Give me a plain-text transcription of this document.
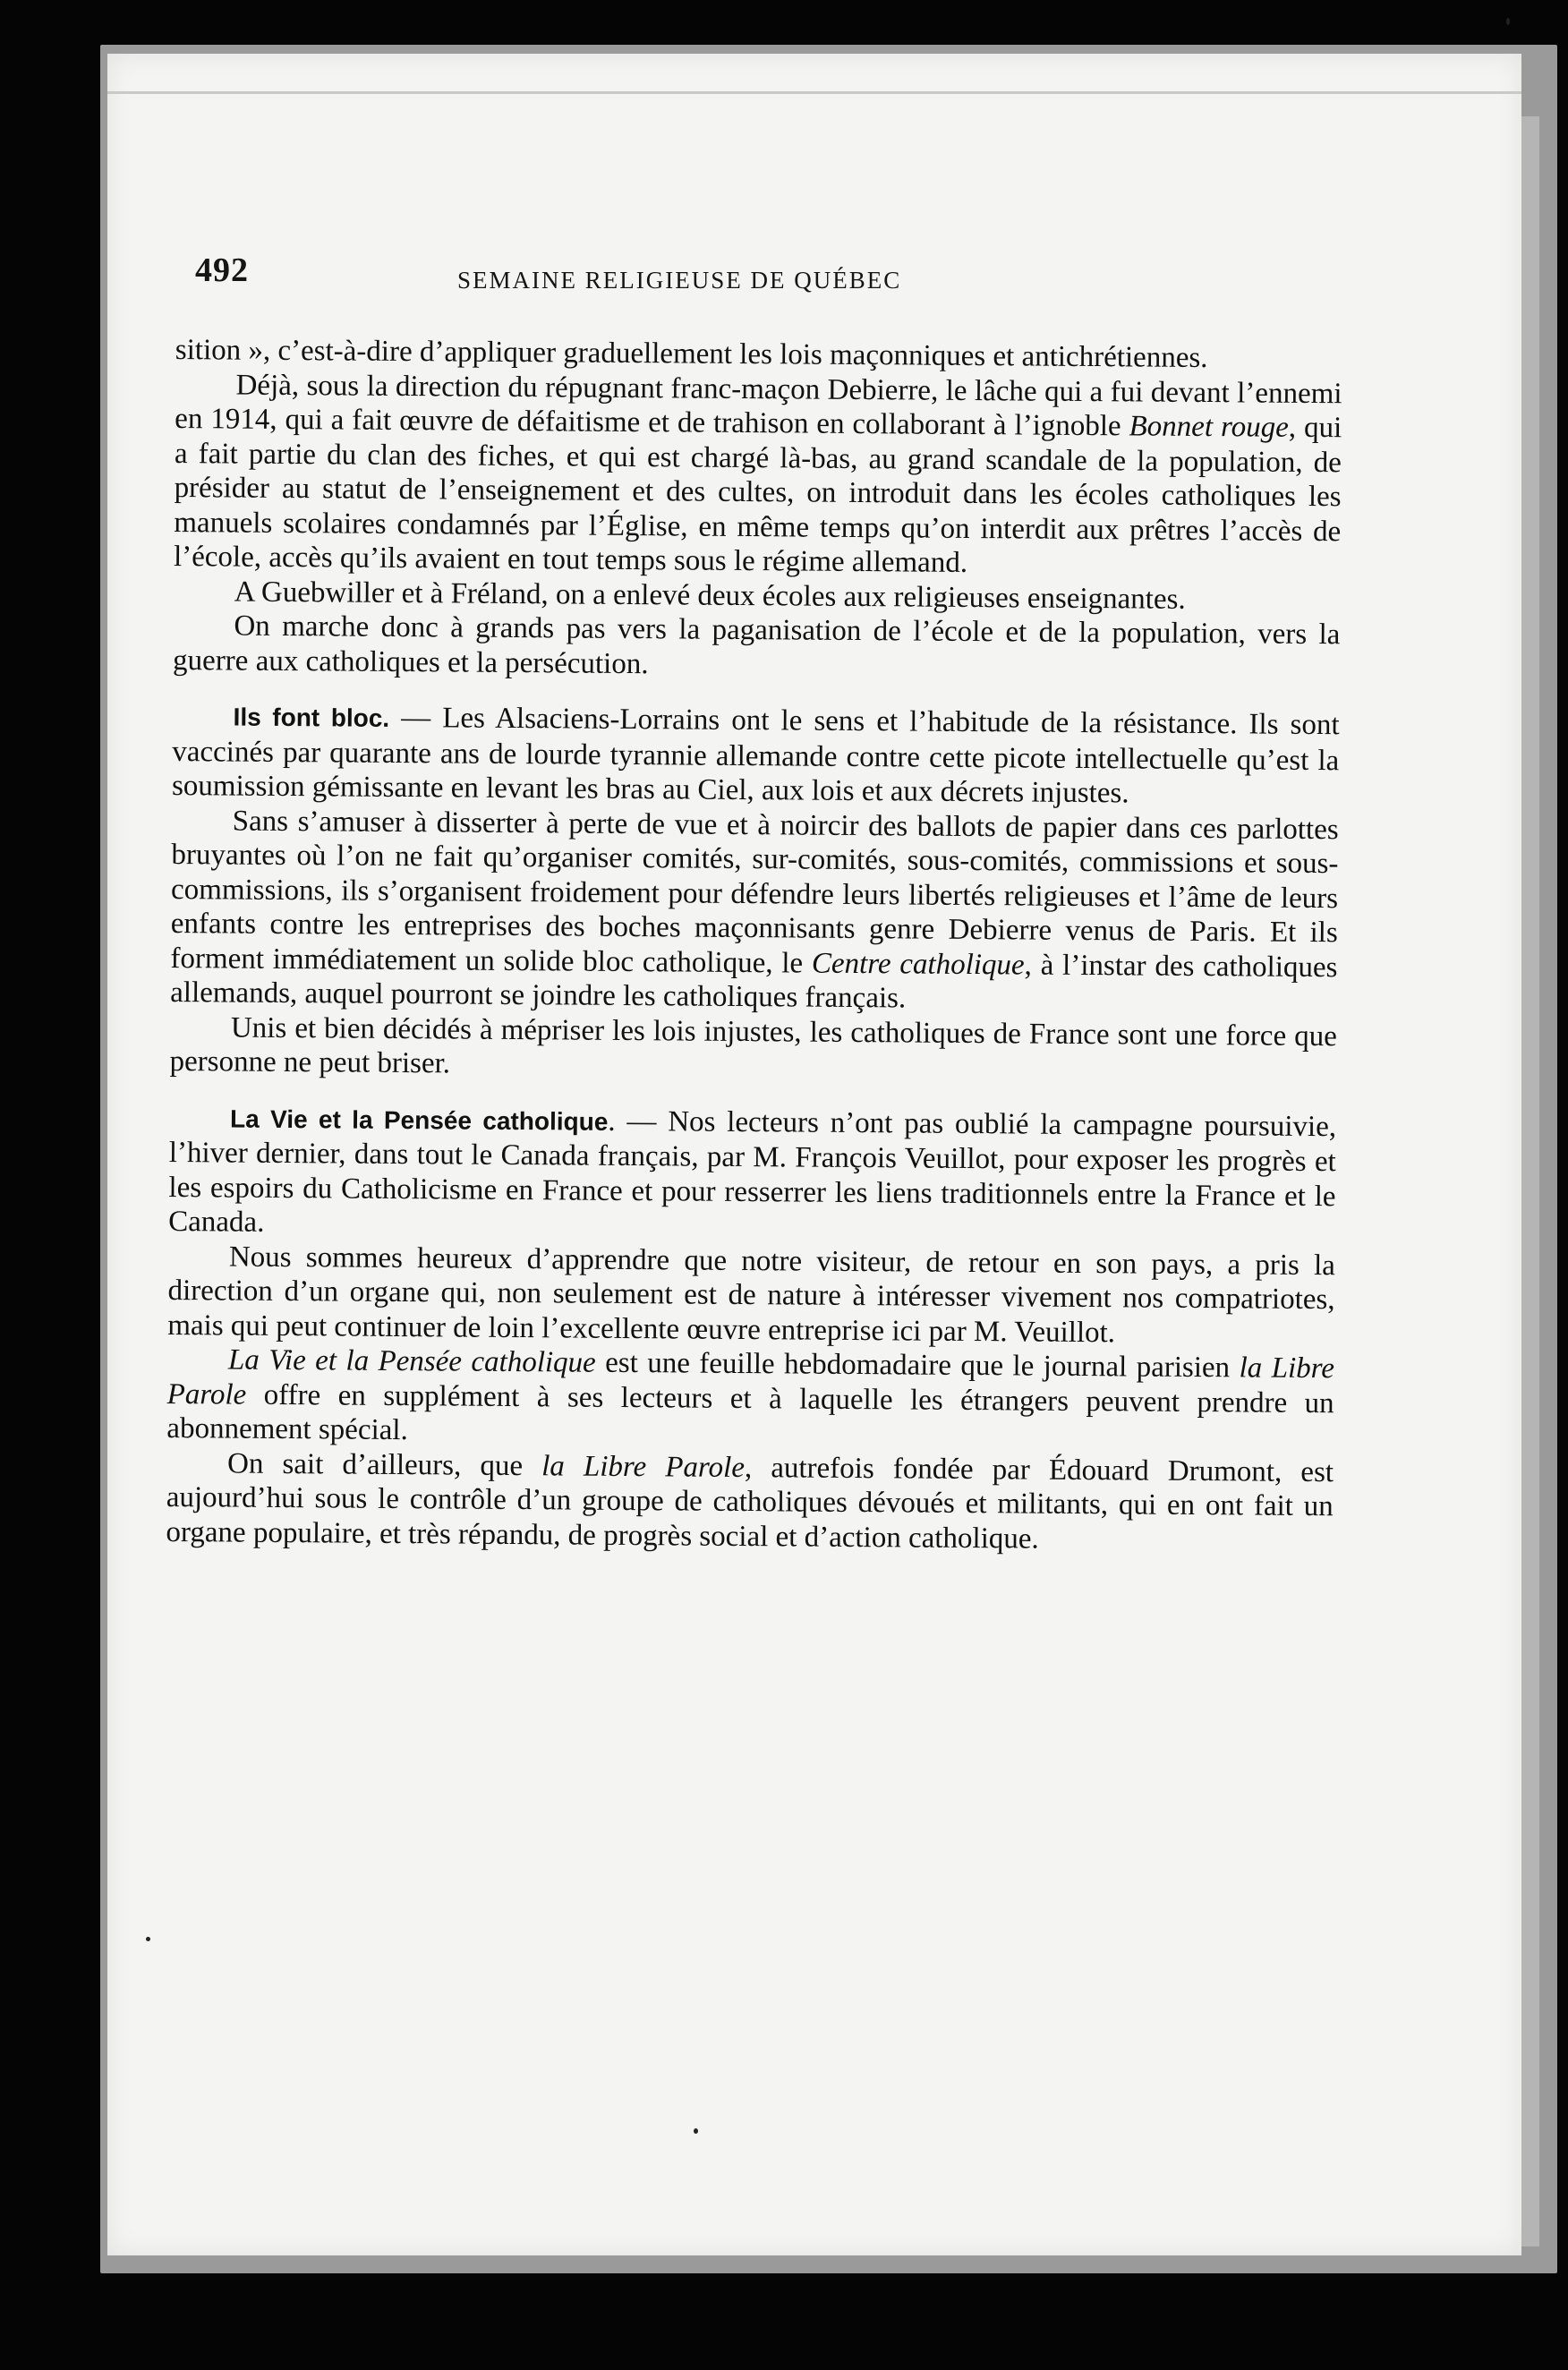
492	SEMAINE RELIGIEUSE DE QUÉBEC

sition », c’est-à-dire d’appliquer graduellement les lois maçonniques et antichrétiennes.

Déjà, sous la direction du répugnant franc-maçon Debierre, le lâche qui a fui devant l’ennemi en 1914, qui a fait œuvre de défaitisme et de trahison en collaborant à l’ignoble Bonnet rouge, qui a fait partie du clan des fiches, et qui est chargé là-bas, au grand scandale de la population, de présider au statut de l’enseignement et des cultes, on introduit dans les écoles catholiques les manuels scolaires condamnés par l’Église, en même temps qu’on interdit aux prêtres l’accès de l’école, accès qu’ils avaient en tout temps sous le régime allemand.

A Guebwiller et à Fréland, on a enlevé deux écoles aux religieuses enseignantes.

On marche donc à grands pas vers la paganisation de l’école et de la population, vers la guerre aux catholiques et la persécution.

Ils font bloc. — Les Alsaciens-Lorrains ont le sens et l’habitude de la résistance. Ils sont vaccinés par quarante ans de lourde tyrannie allemande contre cette picote intellectuelle qu’est la soumission gémissante en levant les bras au Ciel, aux lois et aux décrets injustes.

Sans s’amuser à disserter à perte de vue et à noircir des ballots de papier dans ces parlottes bruyantes où l’on ne fait qu’organiser comités, sur-comités, sous-comités, commissions et sous-commissions, ils s’organisent froidement pour défendre leurs libertés religieuses et l’âme de leurs enfants contre les entreprises des boches maçonnisants genre Debierre venus de Paris. Et ils forment immédiatement un solide bloc catholique, le Centre catholique, à l’instar des catholiques allemands, auquel pourront se joindre les catholiques français.

Unis et bien décidés à mépriser les lois injustes, les catholiques de France sont une force que personne ne peut briser.

La Vie et la Pensée catholique. — Nos lecteurs n’ont pas oublié la campagne poursuivie, l’hiver dernier, dans tout le Canada français, par M. François Veuillot, pour exposer les progrès et les espoirs du Catholicisme en France et pour resserrer les liens traditionnels entre la France et le Canada.

Nous sommes heureux d’apprendre que notre visiteur, de retour en son pays, a pris la direction d’un organe qui, non seulement est de nature à intéresser vivement nos compatriotes, mais qui peut continuer de loin l’excellente œuvre entreprise ici par M. Veuillot.

La Vie et la Pensée catholique est une feuille hebdomadaire que le journal parisien la Libre Parole offre en supplément à ses lecteurs et à laquelle les étrangers peuvent prendre un abonnement spécial.

On sait d’ailleurs, que la Libre Parole, autrefois fondée par Édouard Drumont, est aujourd’hui sous le contrôle d’un groupe de catholiques dévoués et militants, qui en ont fait un organe populaire, et très répandu, de progrès social et d’action catholique.
